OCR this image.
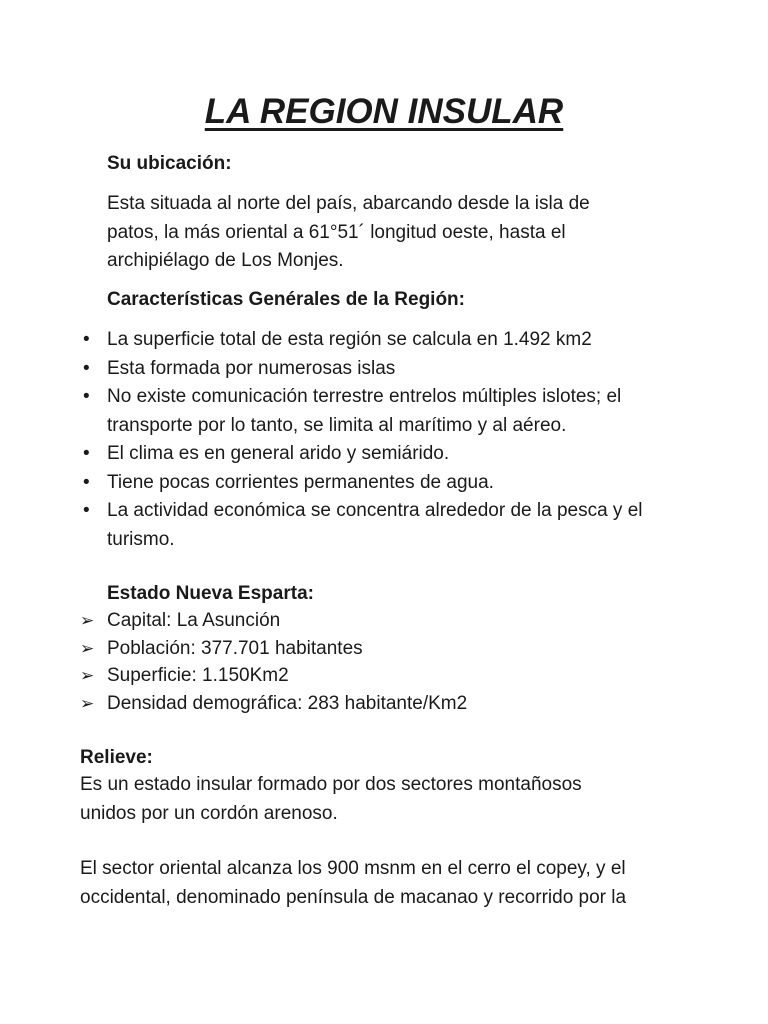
LA REGION INSULAR
Su ubicación:

Esta situada al norte del país, abarcando desde la isla de patos, la más oriental a 61°51´ longitud oeste, hasta el archipiélago de Los Monjes.

Características Genérales de la Región:
• La superficie total de esta región se calcula en 1.492 km2
• Esta formada por numerosas islas
• No existe comunicación terrestre entrelos múltiples islotes; el transporte por lo tanto, se limita al marítimo y al aéreo.
• El clima es en general arido y semiárido.
• Tiene pocas corrientes permanentes de agua.
• La actividad económica se concentra alrededor de la pesca y el turismo.
Estado Nueva Esparta:
➢ Capital: La Asunción
➢ Población: 377.701 habitantes
➢ Superficie: 1.150Km2
➢ Densidad demográfica: 283 habitante/Km2
Relieve:

Es un estado insular formado por dos sectores montañosos unidos por un cordón arenoso.

El sector oriental alcanza los 900 msnm en el cerro el copey, y el occidental, denominado península de macanao y recorrido por la
